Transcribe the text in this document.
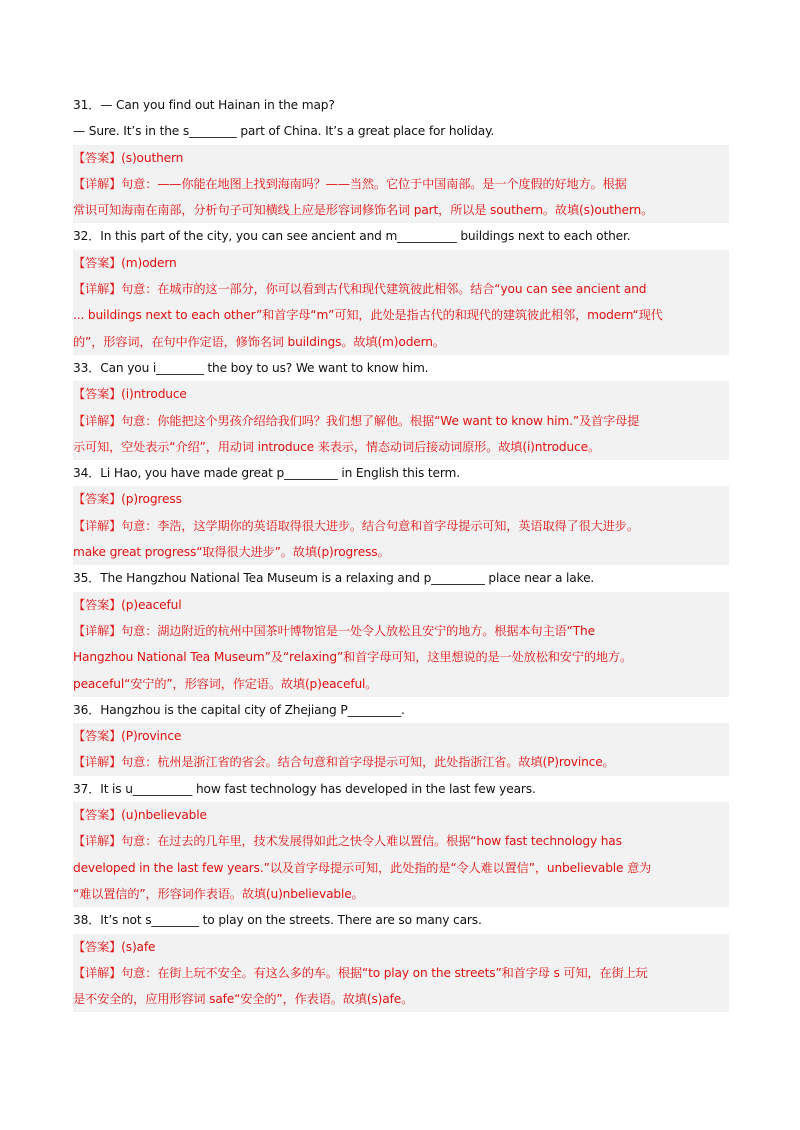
31．— Can you find out Hainan in the map?
— Sure. It’s in the s________ part of China. It’s a great place for holiday.
【答案】(s)outhern
【详解】句意：——你能在地图上找到海南吗？——当然。它位于中国南部。是一个度假的好地方。根据
常识可知海南在南部，分析句子可知横线上应是形容词修饰名词 part，所以是 southern。故填(s)outhern。
32．In this part of the city, you can see ancient and m__________ buildings next to each other.
【答案】(m)odern
【详解】句意：在城市的这一部分，你可以看到古代和现代建筑彼此相邻。结合“you can see ancient and
... buildings next to each other”和首字母“m”可知，此处是指古代的和现代的建筑彼此相邻，modern“现代
的”，形容词，在句中作定语，修饰名词 buildings。故填(m)odern。
33．Can you i________ the boy to us? We want to know him.
【答案】(i)ntroduce
【详解】句意：你能把这个男孩介绍给我们吗？我们想了解他。根据“We want to know him.”及首字母提
示可知，空处表示“介绍”，用动词 introduce 来表示，情态动词后接动词原形。故填(i)ntroduce。
34．Li Hao, you have made great p_________ in English this term.
【答案】(p)rogress
【详解】句意：李浩，这学期你的英语取得很大进步。结合句意和首字母提示可知，英语取得了很大进步。
make great progress“取得很大进步”。故填(p)rogress。
35．The Hangzhou National Tea Museum is a relaxing and p_________ place near a lake.
【答案】(p)eaceful
【详解】句意：湖边附近的杭州中国茶叶博物馆是一处令人放松且安宁的地方。根据本句主语“The
Hangzhou National Tea Museum”及“relaxing”和首字母可知，这里想说的是一处放松和安宁的地方。
peaceful“安宁的”，形容词，作定语。故填(p)eaceful。
36．Hangzhou is the capital city of Zhejiang P_________.
【答案】(P)rovince
【详解】句意：杭州是浙江省的省会。结合句意和首字母提示可知，此处指浙江省。故填(P)rovince。
37．It is u__________ how fast technology has developed in the last few years.
【答案】(u)nbelievable
【详解】句意：在过去的几年里，技术发展得如此之快令人难以置信。根据“how fast technology has
developed in the last few years.”以及首字母提示可知，此处指的是“令人难以置信”，unbelievable 意为
“难以置信的”，形容词作表语。故填(u)nbelievable。
38．It’s not s________ to play on the streets. There are so many cars.
【答案】(s)afe
【详解】句意：在街上玩不安全。有这么多的车。根据“to play on the streets”和首字母 s 可知，在街上玩
是不安全的，应用形容词 safe“安全的”，作表语。故填(s)afe。
